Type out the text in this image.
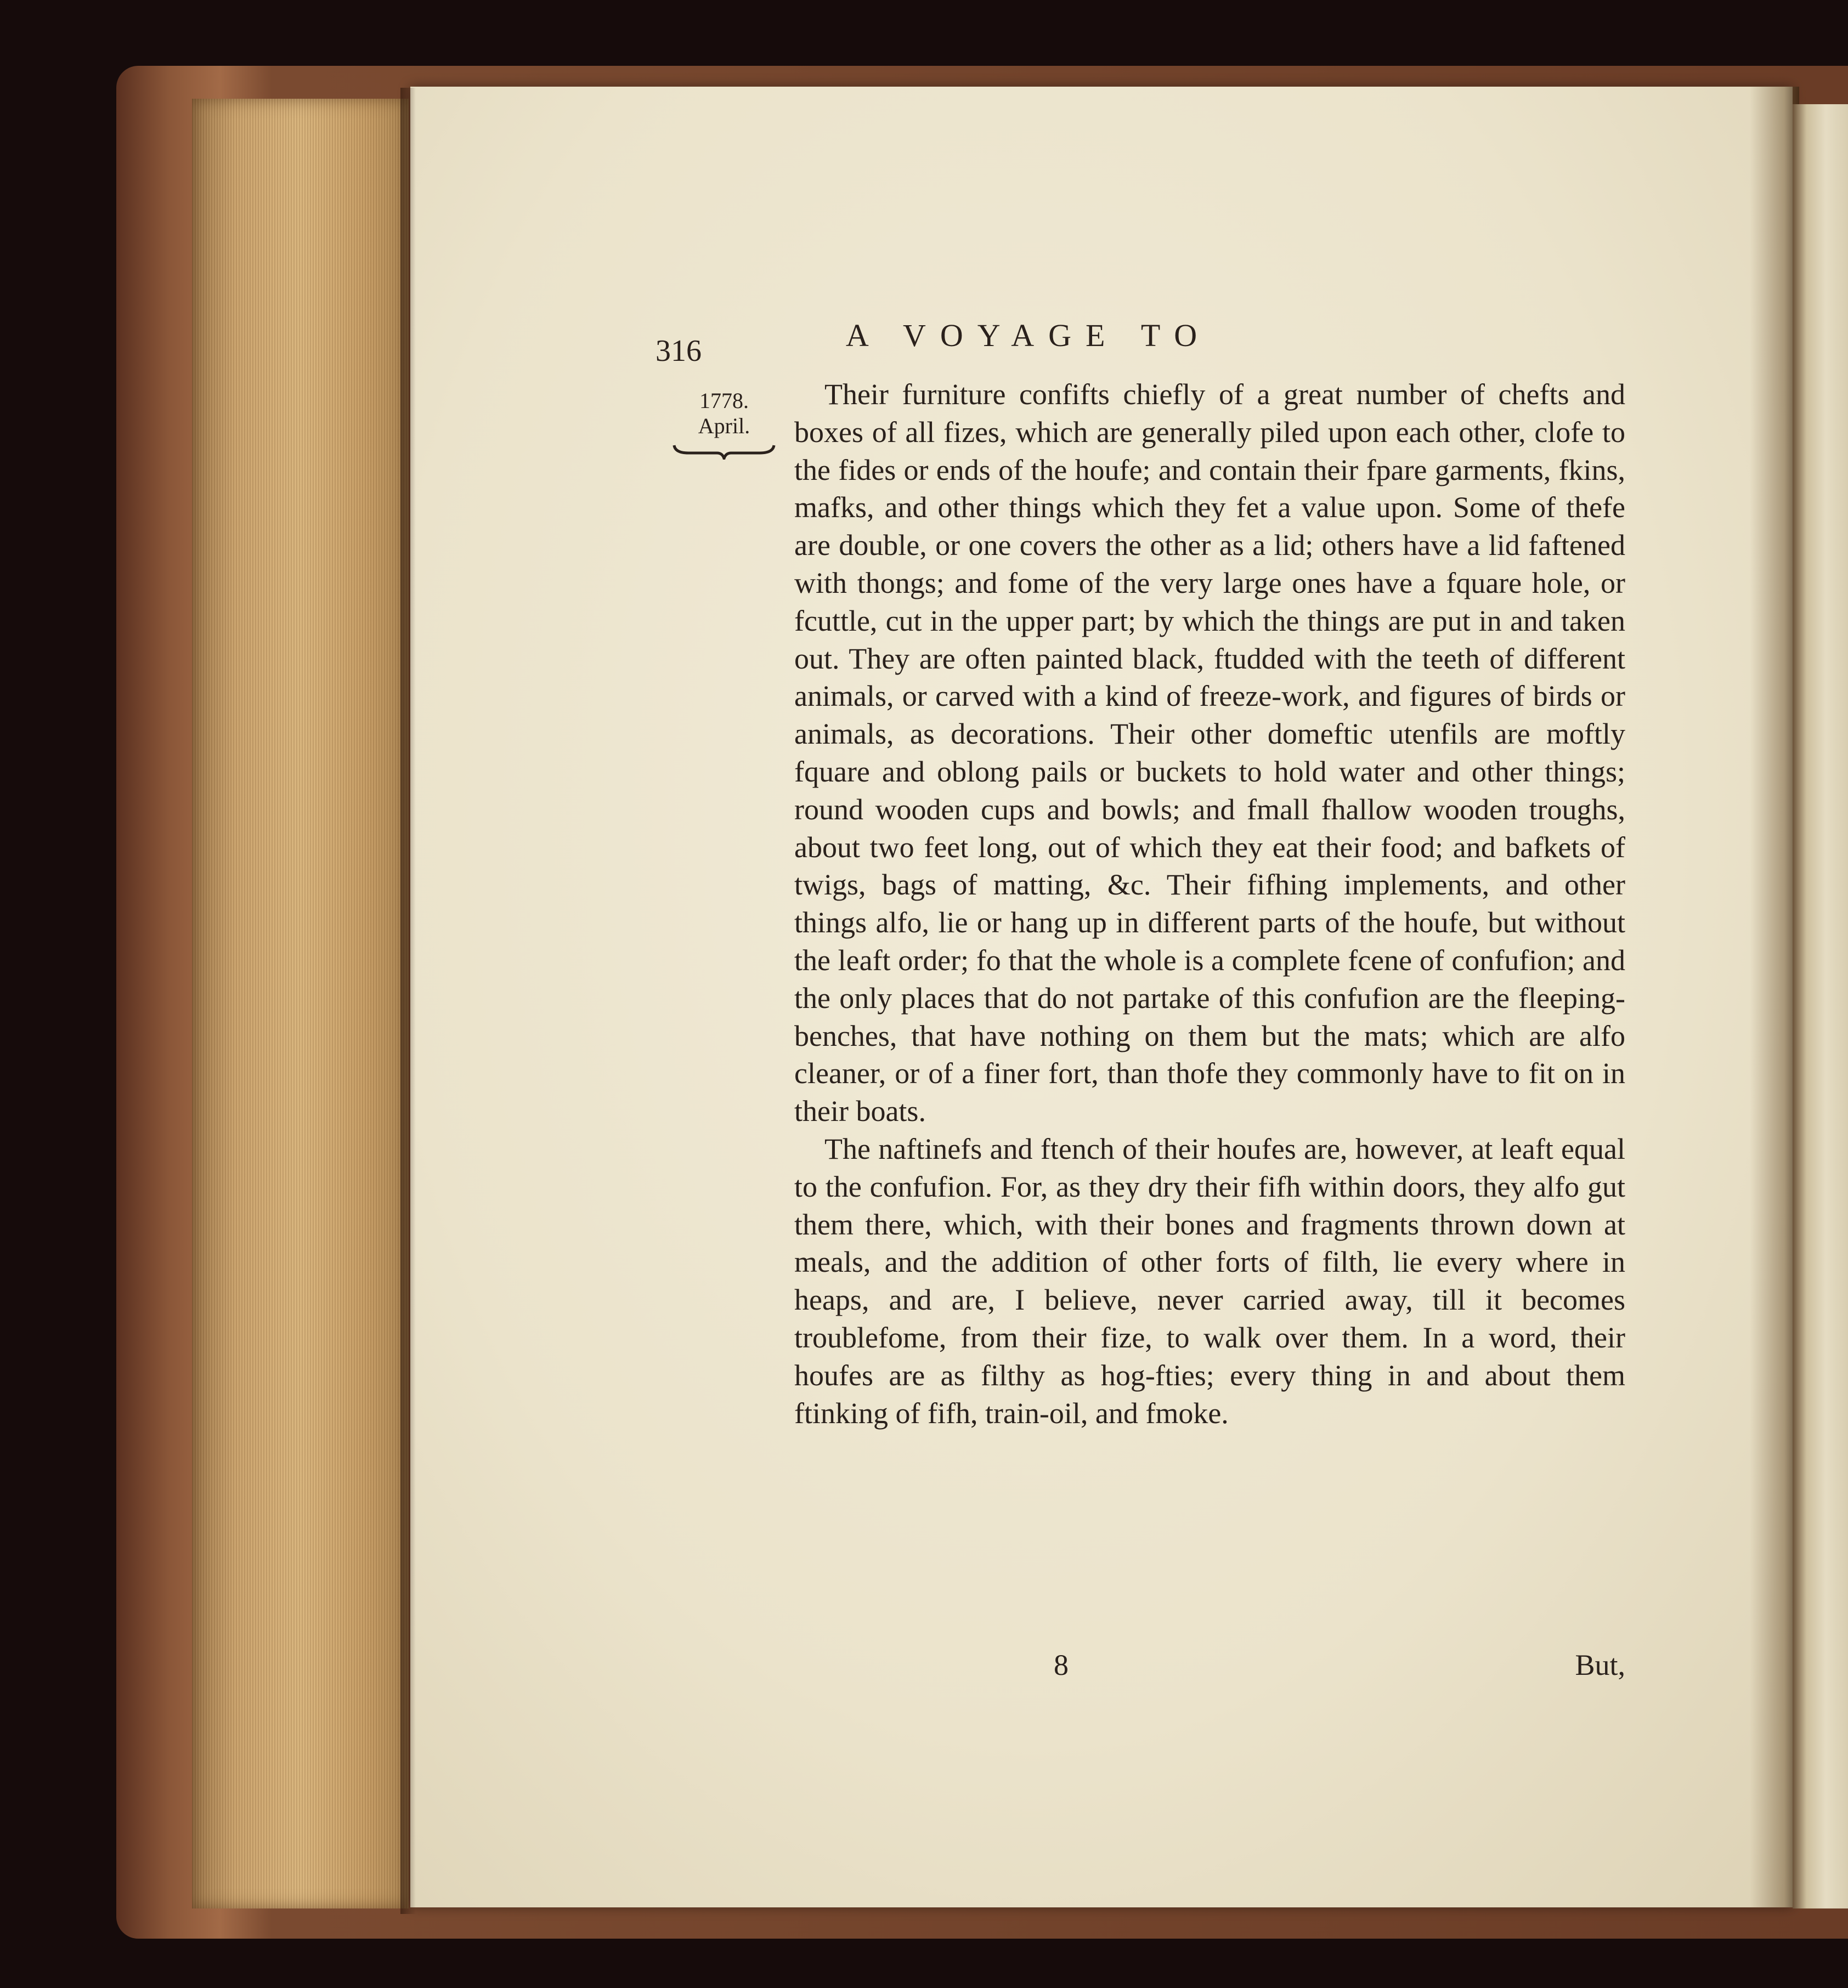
316	A VOYAGE TO
1778.
April.

Their furniture confifts chiefly of a great number of chefts and boxes of all fizes, which are generally piled upon each other, clofe to the fides or ends of the houfe; and contain their fpare garments, fkins, mafks, and other things which they fet a value upon. Some of thefe are double, or one covers the other as a lid; others have a lid faftened with thongs; and fome of the very large ones have a fquare hole, or fcuttle, cut in the upper part; by which the things are put in and taken out. They are often painted black, ftudded with the teeth of different animals, or carved with a kind of freeze-work, and figures of birds or animals, as decorations. Their other domeftic utenfils are moftly fquare and oblong pails or buckets to hold water and other things; round wooden cups and bowls; and fmall fhallow wooden troughs, about two feet long, out of which they eat their food; and bafkets of twigs, bags of matting, &c. Their fifhing implements, and other things alfo, lie or hang up in different parts of the houfe, but without the leaft order; fo that the whole is a complete fcene of confufion; and the only places that do not partake of this confufion are the fleeping-benches, that have nothing on them but the mats; which are alfo cleaner, or of a finer fort, than thofe they commonly have to fit on in their boats.

The naftinefs and ftench of their houfes are, however, at leaft equal to the confufion. For, as they dry their fifh within doors, they alfo gut them there, which, with their bones and fragments thrown down at meals, and the addition of other forts of filth, lie every where in heaps, and are, I believe, never carried away, till it becomes troublefome, from their fize, to walk over them. In a word, their houfes are as filthy as hog-fties; every thing in and about them ftinking of fifh, train-oil, and fmoke.

8	But,
